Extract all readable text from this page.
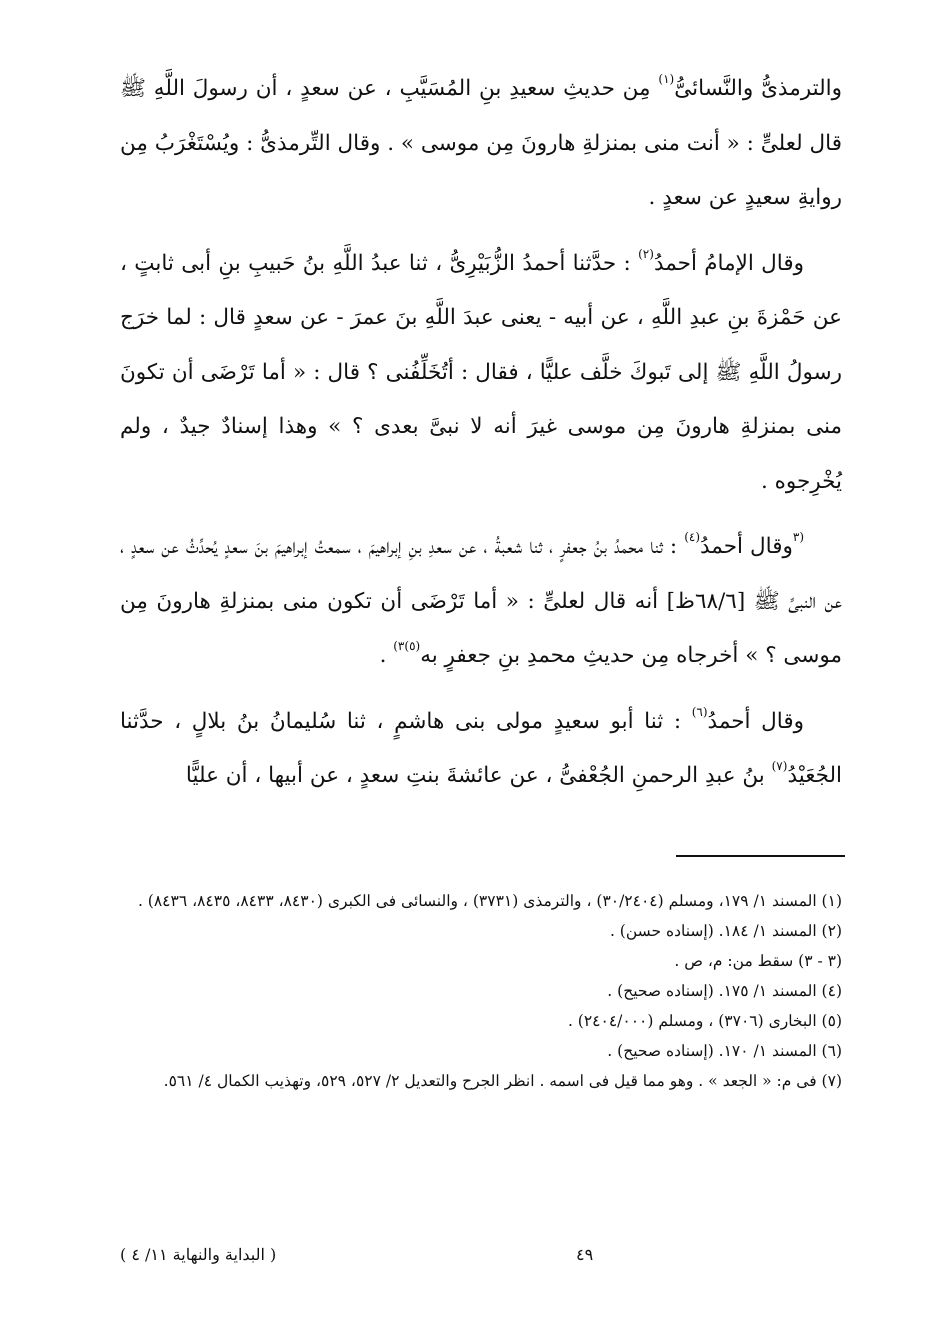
والترمذىُّ والنَّسائىُّ$^{(١)}$ مِن حديثِ سعيدِ بنِ المُسَيَّبِ ، عن سعدٍ ، أن رسولَ اللَّهِ ﷺ قال لعلىٍّ : « أنت منى بمنزلةِ هارونَ مِن موسى » . وقال التِّرمذىُّ : ويُسْتَغْرَبُ مِن روايةِ سعيدٍ عن سعدٍ .

وقال الإمامُ أحمدُ$^{(٢)}$ : حدَّثنا أحمدُ الزُّبَيْرِىُّ ، ثنا عبدُ اللَّهِ بنُ حَبيبِ بنِ أبى ثابتٍ ، عن حَمْزةَ بنِ عبدِ اللَّهِ ، عن أبيه - يعنى عبدَ اللَّهِ بنَ عمرَ - عن سعدٍ قال : لما خرَج رسولُ اللَّهِ ﷺ إلى تَبوكَ خلَّف عليًّا ، فقال : أتُخَلِّفُنى ؟ قال : « أما تَرْضَى أن تكونَ منى بمنزلةِ هارونَ مِن موسى غيرَ أنه لا نبىَّ بعدى ؟ » وهذا إسنادٌ جيدٌ ، ولم يُخْرِجوه .

$^{(٣}$وقال أحمدُ$^{(٤)}$ : ثنا محمدُ بنُ جعفرٍ ، ثنا شعبةُ ، عن سعدِ بنِ إبراهيمَ ، سمعتُ إبراهيمَ بنَ سعدٍ يُحدِّثُ عن سعدٍ ، عن النبىِّ ﷺ [٦٨/٦ظ] أنه قال لعلىٍّ : « أما تَرْضَى أن تكون منى بمنزلةِ هارونَ مِن موسى ؟ » أخرجاه مِن حديثِ محمدِ بنِ جعفرٍ به$^{(٥)٣)}$ .

وقال أحمدُ$^{(٦)}$ : ثنا أبو سعيدٍ مولى بنى هاشمٍ ، ثنا سُليمانُ بنُ بلالٍ ، حدَّثنا الجُعَيْدُ$^{(٧)}$ بنُ عبدِ الرحمنِ الجُعْفىُّ ، عن عائشةَ بنتِ سعدٍ ، عن أبيها ، أن عليًّا

(١) المسند ١/ ١٧٩، ومسلم (٣٠/٢٤٠٤) ، والترمذى (٣٧٣١) ، والنسائى فى الكبرى (٨٤٣٠، ٨٤٣٣، ٨٤٣٥، ٨٤٣٦) .

(٢) المسند ١/ ١٨٤. (إسناده حسن) .

(٣ - ٣) سقط من: م، ص .

(٤) المسند ١/ ١٧٥. (إسناده صحيح) .

(٥) البخارى (٣٧٠٦) ، ومسلم (٢٤٠٤/٠٠٠) .

(٦) المسند ١/ ١٧٠. (إسناده صحيح) .

(٧) فى م: « الجعد » . وهو مما قيل فى اسمه . انظر الجرح والتعديل ٢/ ٥٢٧، ٥٢٩، وتهذيب الكمال ٤/ ٥٦١.

٤٩
( البداية والنهاية ١١/ ٤ )
